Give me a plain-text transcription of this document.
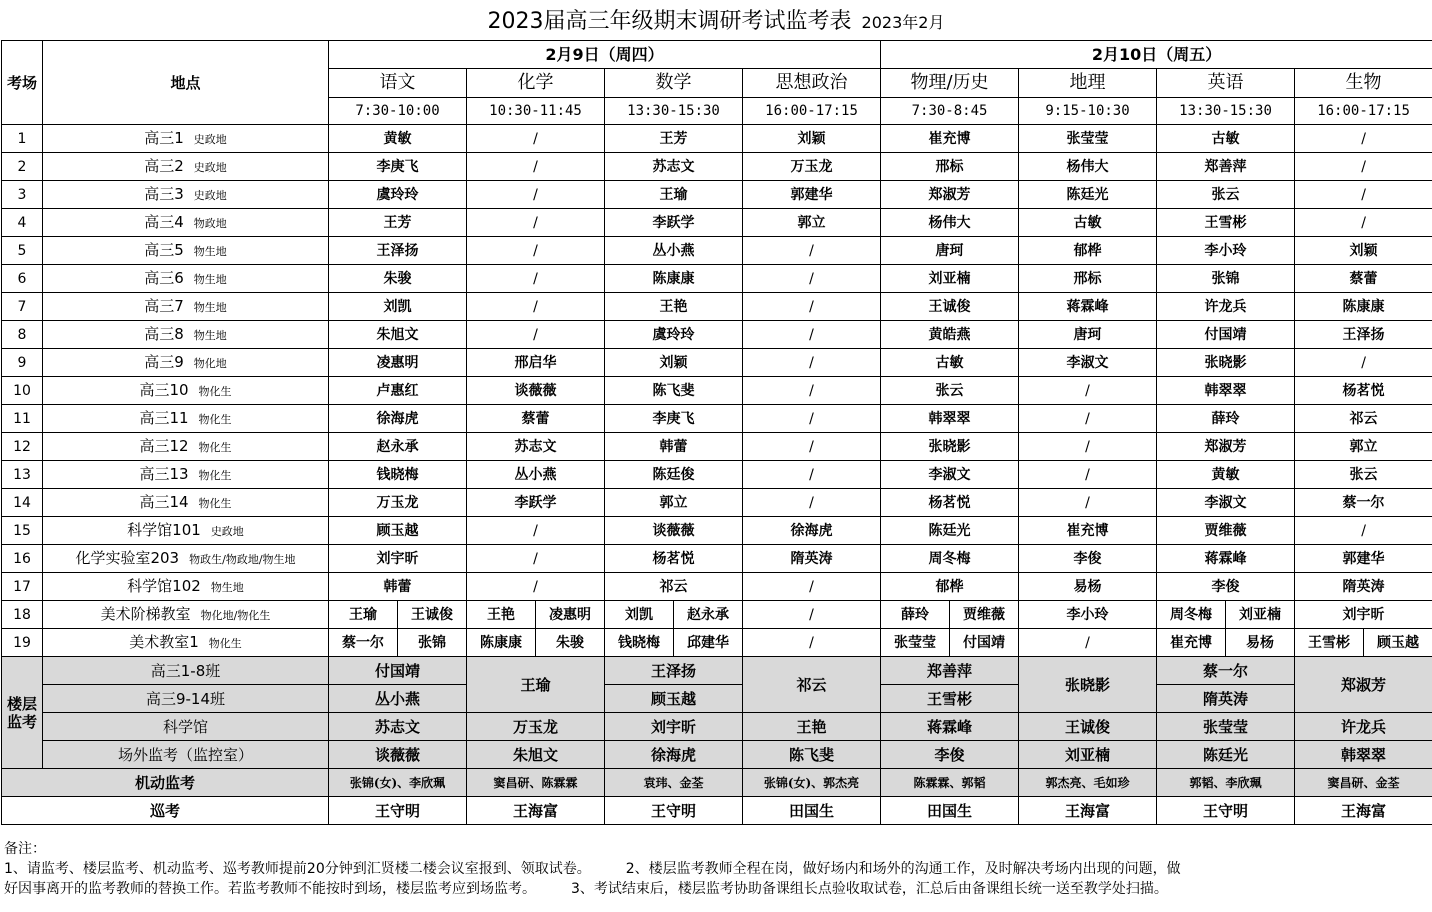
2023届高三年级期末调研考试监考表 2023年2月
考场	地点	2月9日（周四）							2月10日（周五）						
		语文		化学		数学		思想政治	物理/历史		地理	英语		生物	
		7:30-10:00		10:30-11:45		13:30-15:30		16:00-17:15	7:30-8:45		9:15-10:30	13:30-15:30		16:00-17:15	
1	高三1 史政地	黄敏		/		王芳		刘颖	崔充博		张莹莹	古敏		/	
2	高三2 史政地	李庚飞		/		苏志文		万玉龙	邢标		杨伟大	郑善萍		/	
3	高三3 史政地	虞玲玲		/		王瑜		郭建华	郑淑芳		陈廷光	张云		/	
4	高三4 物政地	王芳		/		李跃学		郭立	杨伟大		古敏	王雪彬		/	
5	高三5 物生地	王泽扬		/		丛小燕		/	唐珂		郁桦	李小玲		刘颖	
6	高三6 物生地	朱骏		/		陈康康		/	刘亚楠		邢标	张锦		蔡蕾	
7	高三7 物生地	刘凯		/		王艳		/	王诚俊		蒋霖峰	许龙兵		陈康康	
8	高三8 物生地	朱旭文		/		虞玲玲		/	黄皓燕		唐珂	付国靖		王泽扬	
9	高三9 物化地	凌惠明		邢启华		刘颖		/	古敏		李淑文	张晓影		/	
10	高三10 物化生	卢惠红		谈薇薇		陈飞斐		/	张云		/	韩翠翠		杨茗悦	
11	高三11 物化生	徐海虎		蔡蕾		李庚飞		/	韩翠翠		/	薛玲		祁云	
12	高三12 物化生	赵永承		苏志文		韩蕾		/	张晓影		/	郑淑芳		郭立	
13	高三13 物化生	钱晓梅		丛小燕		陈廷俊		/	李淑文		/	黄敏		张云	
14	高三14 物化生	万玉龙		李跃学		郭立		/	杨茗悦		/	李淑文		蔡一尔	
15	科学馆101 史政地	顾玉越		/		谈薇薇		徐海虎	陈廷光		崔充博	贾维薇		/	
16	化学实验室203 物政生/物政地/物生地	刘宇昕		/		杨茗悦		隋英涛	周冬梅		李俊	蒋霖峰		郭建华	
17	科学馆102 物生地	韩蕾		/		祁云		/	郁桦		易杨	李俊		隋英涛	
18	美术阶梯教室 物化地/物化生	王瑜	王诚俊	王艳	凌惠明	刘凯	赵永承	/	薛玲	贾维薇	李小玲	周冬梅	刘亚楠	刘宇昕	
19	美术教室1 物化生	蔡一尔	张锦	陈康康	朱骏	钱晓梅	邱建华	/	张莹莹	付国靖	/	崔充博	易杨	王雪彬	顾玉越
楼层监考	高三1-8班	付国靖		王瑜		王泽扬		祁云	郑善萍		张晓影	蔡一尔		郑淑芳	
	高三9-14班	丛小燕				顾玉越			王雪彬			隋英涛			
	科学馆	苏志文		万玉龙		刘宇昕		王艳	蒋霖峰		王诚俊	张莹莹		许龙兵	
	场外监考（监控室）	谈薇薇		朱旭文		徐海虎		陈飞斐	李俊		刘亚楠	陈廷光		韩翠翠	
机动监考		张锦(女)、李欣珮		窦昌研、陈霖霖		袁玮、金荃		张锦(女)、郭杰亮	陈霖霖、郭韬		郭杰亮、毛如珍	郭韬、李欣珮		窦昌研、金荃	
巡考		王守明		王海富		王守明		田国生	田国生		王海富	王守明		王海富	
备注：
1、请监考、楼层监考、机动监考、巡考教师提前20分钟到汇贤楼二楼会议室报到、领取试卷。　　　2、楼层监考教师全程在岗，做好场内和场外的沟通工作，及时解决考场内出现的问题，做
好因事离开的监考教师的替换工作。若监考教师不能按时到场，楼层监考应到场监考。　　　3、考试结束后，楼层监考协助备课组长点验收取试卷，汇总后由备课组长统一送至教学处扫描。
